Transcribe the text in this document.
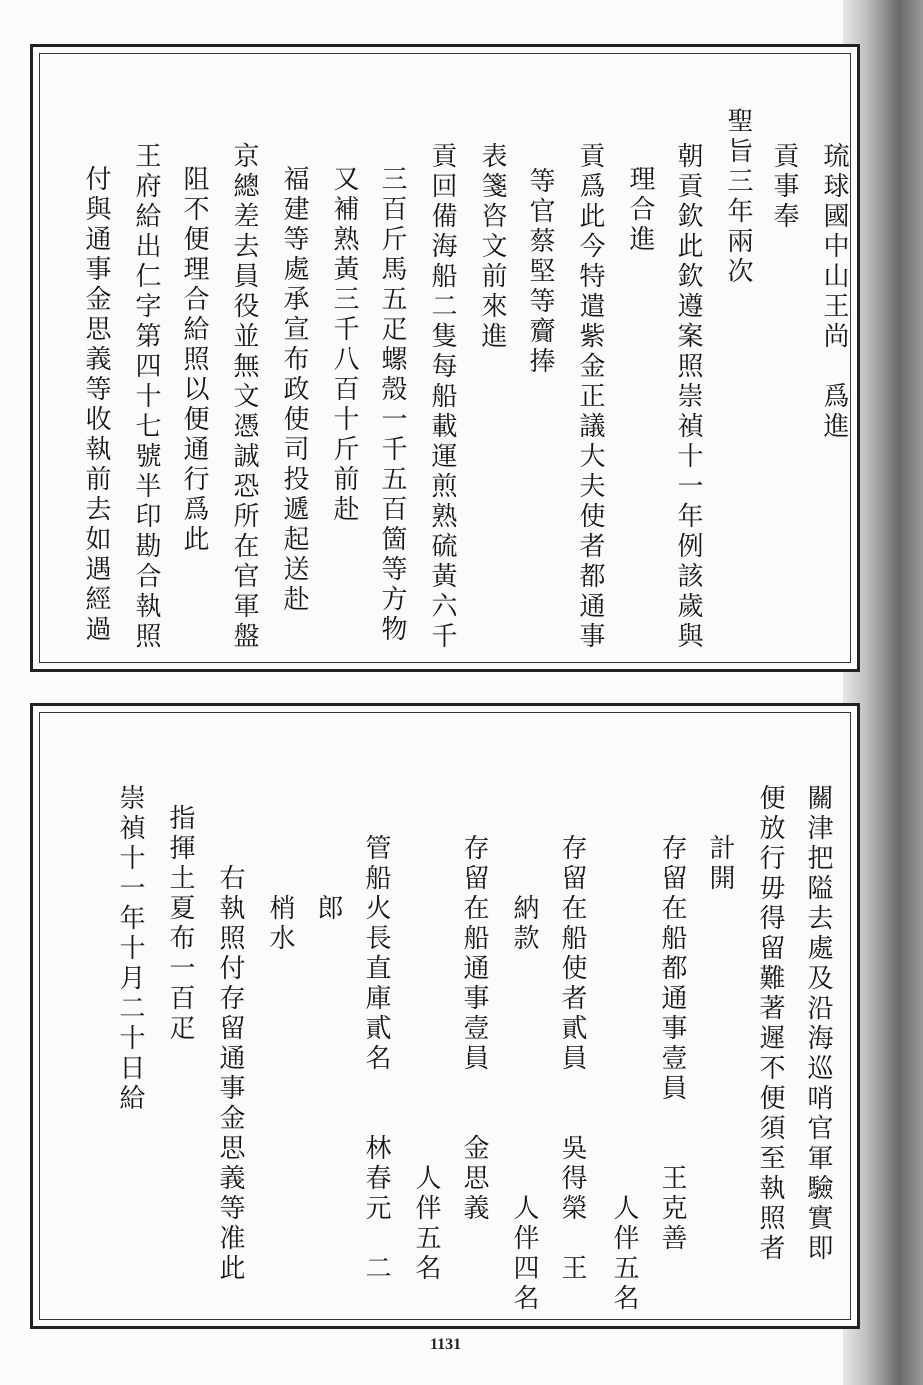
琉球國中山王尚　爲進
貢事奉
聖旨三年兩次
朝貢欽此欽遵案照崇禎十一年例該歲與
理合進
貢爲此今特遣紫金正議大夫使者都通事
等官蔡堅等齎捧
表箋咨文前來進
貢回備海船二隻每船載運煎熟硫黃六千
三百斤馬五疋螺殼一千五百箇等方物
又補熟黃三千八百十斤前赴
福建等處承宣布政使司投遞起送赴
京總差去員役並無文憑誠恐所在官軍盤
阻不便理合給照以便通行爲此
王府給出仁字第四十七號半印勘合執照
付與通事金思義等收執前去如遇經過
關津把隘去處及沿海巡哨官軍驗實即
便放行毋得留難著遲不便須至執照者
計開
存留在船都通事壹員　　王克善
　　　　　　　　　　　　人伴五名
存留在船使者貳員　　吳得榮　王
　　納款　　　　　　　　人伴四名
存留在船通事壹員　　金思義
　　　　　　　　　　　人伴五名
管船火長直庫貳名　　林春元　二
　　郎
　　梢水
右執照付存留通事金思義等准此
指揮土夏布一百疋
崇禎十一年十月二十日給
1131
